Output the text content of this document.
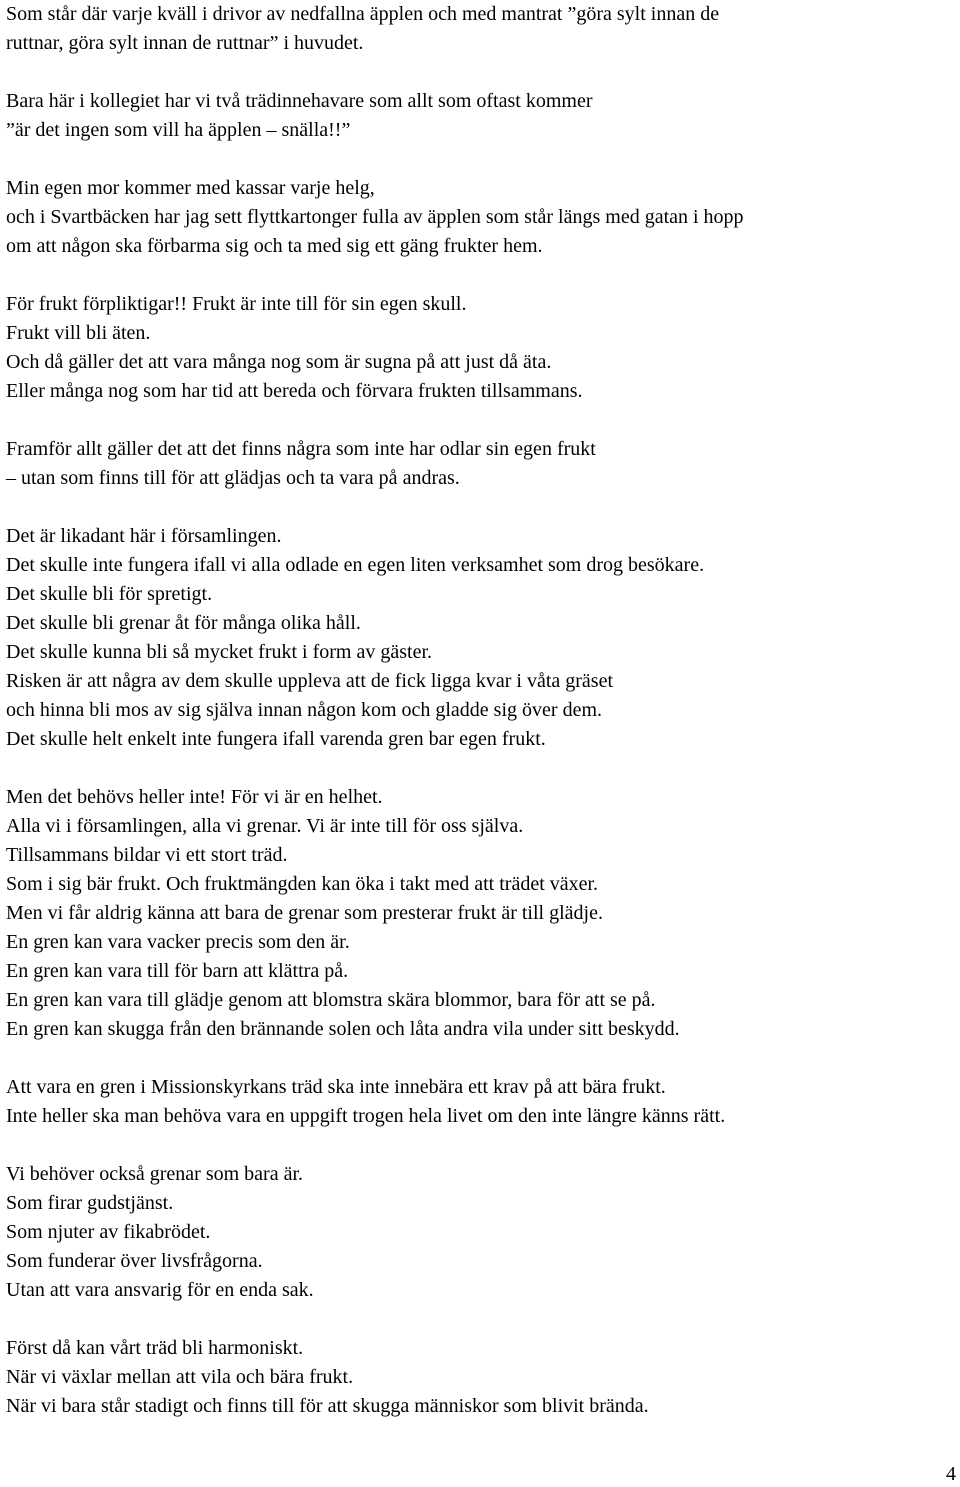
Som står där varje kväll i drivor av nedfallna äpplen och med mantrat ”göra sylt innan de
ruttnar, göra sylt innan de ruttnar” i huvudet.
Bara här i kollegiet har vi två trädinnehavare som allt som oftast kommer
”är det ingen som vill ha äpplen – snälla!!”
Min egen mor kommer med kassar varje helg,
och i Svartbäcken har jag sett flyttkartonger fulla av äpplen som står längs med gatan i hopp
om att någon ska förbarma sig och ta med sig ett gäng frukter hem.
För frukt förpliktigar!! Frukt är inte till för sin egen skull.
Frukt vill bli äten.
Och då gäller det att vara många nog som är sugna på att just då äta.
Eller många nog som har tid att bereda och förvara frukten tillsammans.
Framför allt gäller det att det finns några som inte har odlar sin egen frukt
– utan som finns till för att glädjas och ta vara på andras.
Det är likadant här i församlingen.
Det skulle inte fungera ifall vi alla odlade en egen liten verksamhet som drog besökare.
Det skulle bli för spretigt.
Det skulle bli grenar åt för många olika håll.
Det skulle kunna bli så mycket frukt i form av gäster.
Risken är att några av dem skulle uppleva att de fick ligga kvar i våta gräset
och hinna bli mos av sig själva innan någon kom och gladde sig över dem.
Det skulle helt enkelt inte fungera ifall varenda gren bar egen frukt.
Men det behövs heller inte! För vi är en helhet.
Alla vi i församlingen, alla vi grenar. Vi är inte till för oss själva.
Tillsammans bildar vi ett stort träd.
Som i sig bär frukt. Och fruktmängden kan öka i takt med att trädet växer.
Men vi får aldrig känna att bara de grenar som presterar frukt är till glädje.
En gren kan vara vacker precis som den är.
En gren kan vara till för barn att klättra på.
En gren kan vara till glädje genom att blomstra skära blommor, bara för att se på.
En gren kan skugga från den brännande solen och låta andra vila under sitt beskydd.
Att vara en gren i Missionskyrkans träd ska inte innebära ett krav på att bära frukt.
Inte heller ska man behöva vara en uppgift trogen hela livet om den inte längre känns rätt.
Vi behöver också grenar som bara är.
Som firar gudstjänst.
Som njuter av fikabrödet.
Som funderar över livsfrågorna.
Utan att vara ansvarig för en enda sak.
Först då kan vårt träd bli harmoniskt.
När vi växlar mellan att vila och bära frukt.
När vi bara står stadigt och finns till för att skugga människor som blivit brända.
4
